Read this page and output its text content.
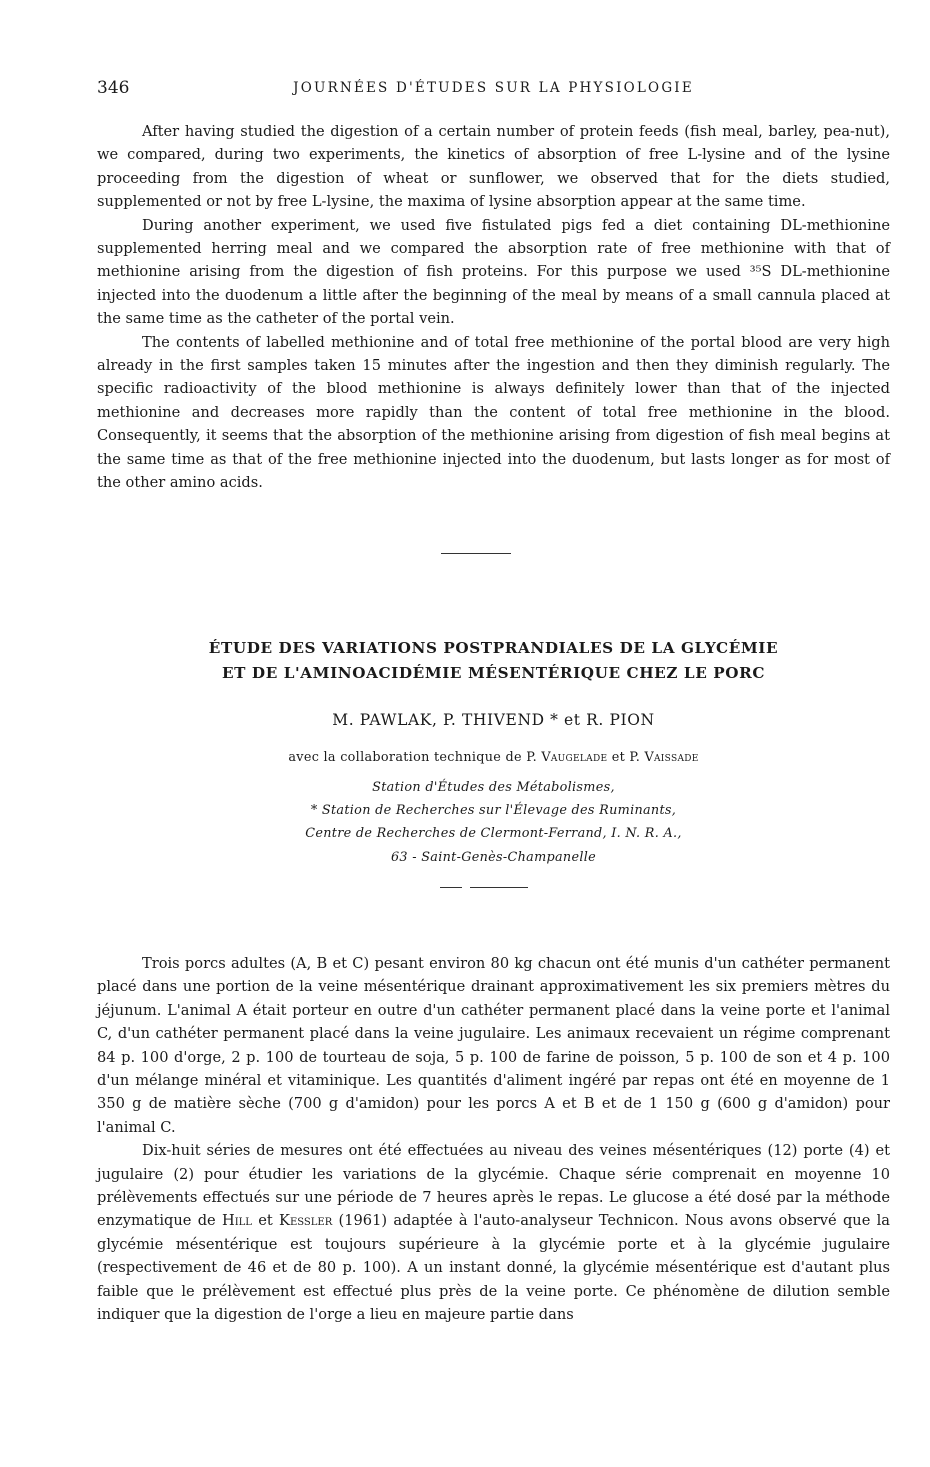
346	JOURNÉES D'ÉTUDES SUR LA PHYSIOLOGIE

After having studied the digestion of a certain number of protein feeds (fish meal, barley, pea-nut), we compared, during two experiments, the kinetics of absorption of free L-lysine and of the lysine proceeding from the digestion of wheat or sunflower, we observed that for the diets studied, supplemented or not by free L-lysine, the maxima of lysine absorption appear at the same time.

During another experiment, we used five fistulated pigs fed a diet containing DL-methionine supplemented herring meal and we compared the absorption rate of free methionine with that of methionine arising from the digestion of fish proteins. For this purpose we used ³⁵S DL-methionine injected into the duodenum a little after the beginning of the meal by means of a small cannula placed at the same time as the catheter of the portal vein.

The contents of labelled methionine and of total free methionine of the portal blood are very high already in the first samples taken 15 minutes after the ingestion and then they diminish regularly. The specific radioactivity of the blood methionine is always definitely lower than that of the injected methionine and decreases more rapidly than the content of total free methionine in the blood. Consequently, it seems that the absorption of the methionine arising from digestion of fish meal begins at the same time as that of the free methionine injected into the duodenum, but lasts longer as for most of the other amino acids.

ÉTUDE DES VARIATIONS POSTPRANDIALES DE LA GLYCÉMIE
ET DE L'AMINOACIDÉMIE MÉSENTÉRIQUE CHEZ LE PORC
M. PAWLAK, P. THIVEND * et R. PION
avec la collaboration technique de P. Vaugelade et P. Vaissade
Station d'Études des Métabolismes,
* Station de Recherches sur l'Élevage des Ruminants,
Centre de Recherches de Clermont-Ferrand, I. N. R. A.,
63 - Saint-Genès-Champanelle

Trois porcs adultes (A, B et C) pesant environ 80 kg chacun ont été munis d'un cathéter permanent placé dans une portion de la veine mésentérique drainant approximativement les six premiers mètres du jéjunum. L'animal A était porteur en outre d'un cathéter permanent placé dans la veine porte et l'animal C, d'un cathéter permanent placé dans la veine jugulaire. Les animaux recevaient un régime comprenant 84 p. 100 d'orge, 2 p. 100 de tourteau de soja, 5 p. 100 de farine de poisson, 5 p. 100 de son et 4 p. 100 d'un mélange minéral et vitaminique. Les quantités d'aliment ingéré par repas ont été en moyenne de 1 350 g de matière sèche (700 g d'amidon) pour les porcs A et B et de 1 150 g (600 g d'amidon) pour l'animal C.

Dix-huit séries de mesures ont été effectuées au niveau des veines mésentériques (12) porte (4) et jugulaire (2) pour étudier les variations de la glycémie. Chaque série comprenait en moyenne 10 prélèvements effectués sur une période de 7 heures après le repas. Le glucose a été dosé par la méthode enzymatique de Hill et Kessler (1961) adaptée à l'auto-analyseur Technicon. Nous avons observé que la glycémie mésentérique est toujours supérieure à la glycémie porte et à la glycémie jugulaire (respectivement de 46 et de 80 p. 100). A un instant donné, la glycémie mésentérique est d'autant plus faible que le prélèvement est effectué plus près de la veine porte. Ce phénomène de dilution semble indiquer que la digestion de l'orge a lieu en majeure partie dans
